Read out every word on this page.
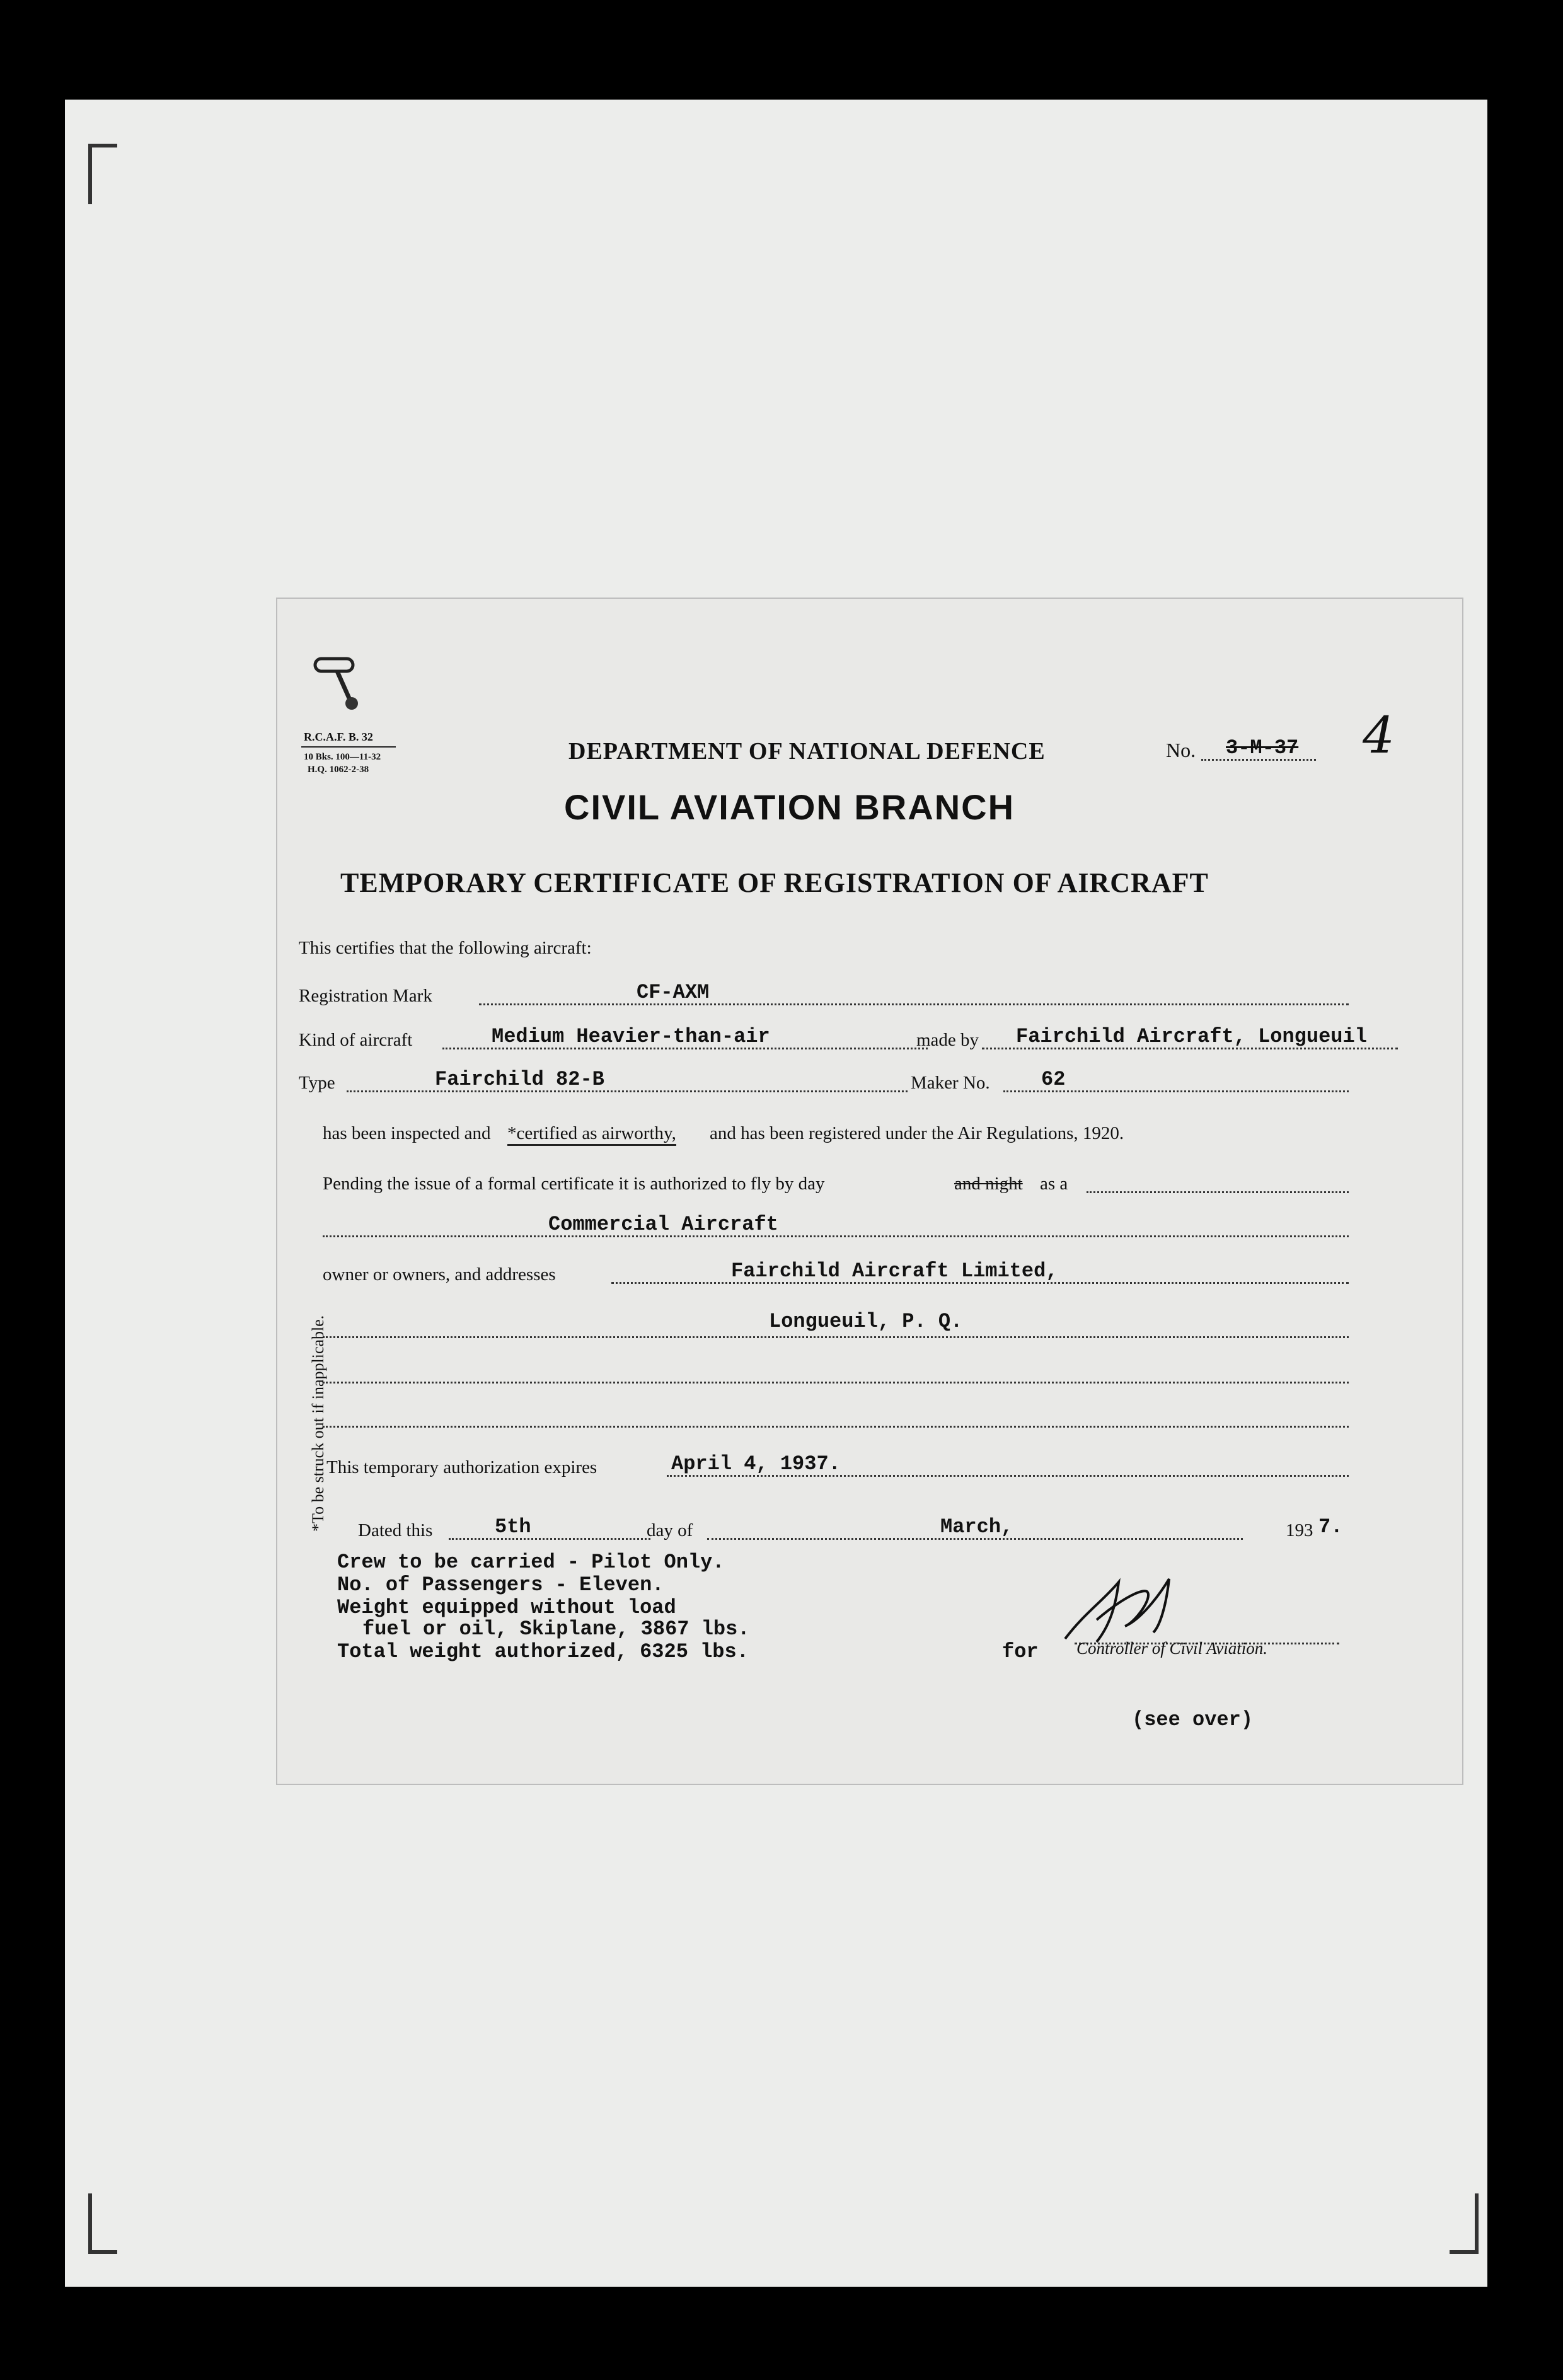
R.C.A.F. B. 32
10 Bks. 100—11-32
H.Q. 1062-2-38
DEPARTMENT OF NATIONAL DEFENCE	No. 3-M-37 4
CIVIL AVIATION BRANCH
TEMPORARY CERTIFICATE OF REGISTRATION OF AIRCRAFT
This certifies that the following aircraft:
Registration Mark	CF-AXM
Kind of aircraft	Medium Heavier-than-air	made by Fairchild Aircraft, Longueuil
Type	Fairchild 82-B	Maker No.	62
has been inspected and *certified as airworthy, and has been registered under the Air Regulations, 1920.
Pending the issue of a formal certificate it is authorized to fly by day	and night as a
Commercial Aircraft
owner or owners, and addresses	Fairchild Aircraft Limited,
Longueuil, P. Q.
*To be struck out if inapplicable. This temporary authorization expires	April 4, 1937.
Dated this	5th	day of	March,	193 7.
Crew to be carried - Pilot Only.
No. of Passengers - Eleven.
Weight equipped without load
fuel or oil, Skiplane, 3867 lbs.
Total weight authorized, 6325 lbs.	for Controller of Civil Aviation.
(see over)
